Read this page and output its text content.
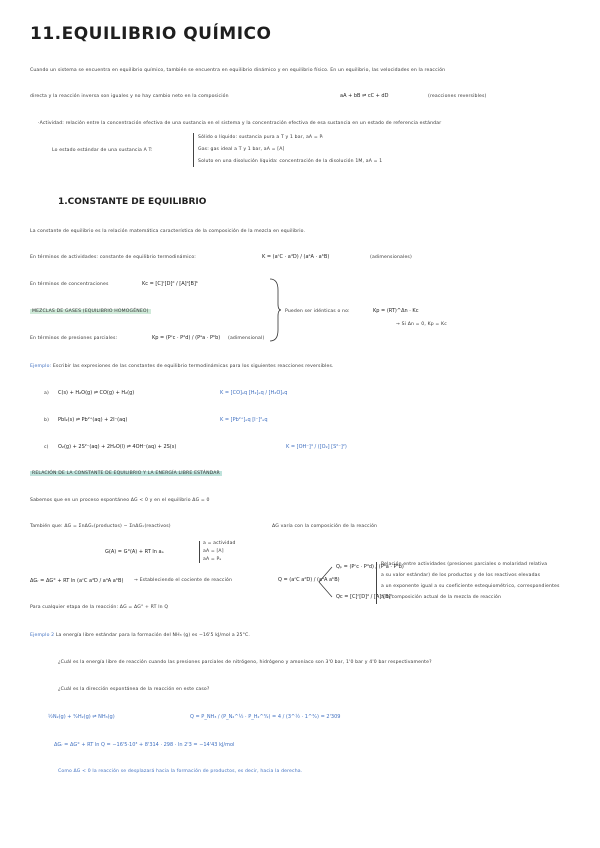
11.EQUILIBRIO QUÍMICO
Cuando un sistema se encuentra en equilibrio químico, también se encuentra en equilibrio dinámico y en equilibrio físico. En un equilibrio, las velocidades en la reacción
directa y la reacción inversa son iguales y no hay cambio neto en la composición	aA + bB ⇌ cC + dD	(reacciones reversibles)
·Actividad: relación entre la concentración efectiva de una sustancia en el sistema y la concentración efectiva de esa sustancia en un estado de referencia estándar
Lo estado estándar de una sustancia A T:
Sólido o líquido: sustancia pura a T y 1 bar, aA = Pᵢ
Gas: gas ideal a T y 1 bar, aA = [A]
Soluto en una disolución líquida: concentración de la disolución 1M, aA = 1
1.CONSTANTE DE EQUILIBRIO
La constante de equilibrio es la relación matemática característica de la composición de la mezcla en equilibrio.
En términos de actividades: constante de equilibrio termodinámico:	K = (aᶜC · aᵈD) / (aᵃA · aᵇB)	(adimensionales)
En términos de concentraciones	Kc = [C]ᶜ[D]ᵈ / [A]ᵃ[B]ᵇ
MEZCLAS DE GASES (EQUILIBRIO HOMOGÉNEO)
En términos de presiones parciales:	Kp = (Pᶜc · Pᵈd) / (Pᵃa · Pᵇb) (adimensional)
Pueden ser idénticas o no:	Kp = (RT)^Δn · Kc
→ Si Δn = 0, Kp = Kc
Ejemplo: Escribir las expresiones de las constantes de equilibrio termodinámicas para los siguientes reacciones reversibles.
a) C(s) + H₂O(g) ⇌ CO(g) + H₂(g)	K = [CO]ₑq [H₂]ₑq / [H₂O]ₑq
b) PbI₂(s) ⇌ Pb²⁺(aq) + 2I⁻(aq)	K = [Pb²⁺]ₑq [I⁻]²ₑq
c) O₂(g) + 2S²⁻(aq) + 2H₂O(l) ⇌ 4OH⁻(aq) + 2S(s)	K = [OH⁻]⁴ / ([O₂] [S²⁻]²)
RELACIÓN DE LA CONSTANTE DE EQUILIBRIO Y LA ENERGÍA LIBRE ESTÁNDAR
Sabemos que en un proceso espontáneo ΔG < 0 y en el equilibrio ΔG = 0
También que: ΔG = ΣnΔGₓ(productos) − ΣnΔGₓ(reactivos)	ΔG varía con la composición de la reacción
G(A) = G°(A) + RT ln aₐ
a = actividad
aA = [A]
aA = Pₐ
ΔGᵣ = ΔG° + RT ln (aᶜC aᵈD / aᵃA aᵇB) → Estableciendo el cociente de reacción	Q = (aᶜC aᵈD) / (aᵃA aᵇB)
Qₚ = (Pᶜc · Pᵈd) / (Pᵃa · Pᵇb)
Qc = [C]ᶜ[D]ᵈ / [A]ᵃ[B]ᵇ
Relación entre actividades (presiones parciales o molaridad relativa
a su valor estándar) de los productos y de los reactivos elevadas
a un exponente igual a su coeficiente estequiométrico, correspondientes
a la composición actual de la mezcla de reacción
Para cualquier etapa de la reacción: ΔG = ΔG° + RT ln Q
Ejemplo 2 La energía libre estándar para la formación del NH₃ (g) es −16'5 kJ/mol a 25°C.
¿Cuál es la energía libre de reacción cuando las presiones parciales de nitrógeno, hidrógeno y amoníaco son 3'0 bar, 1'0 bar y 4'0 bar respectivamente?
¿Cuál es la dirección espontánea de la reacción en este caso?
½N₂(g) + ³⁄₂H₂(g) ⇌ NH₃(g)	Q = P_NH₃ / (P_N₂^½ · P_H₂^³⁄₂) = 4 / (3^½ · 1^³⁄₂) = 2'309
ΔGᵣ = ΔG° + RT ln Q = −16'5·10³ + 8'314 · 298 · ln 2'3 = −14'43 kJ/mol
Como ΔG < 0 la reacción se desplazará hacia la formación de productos, es decir, hacia la derecha.
